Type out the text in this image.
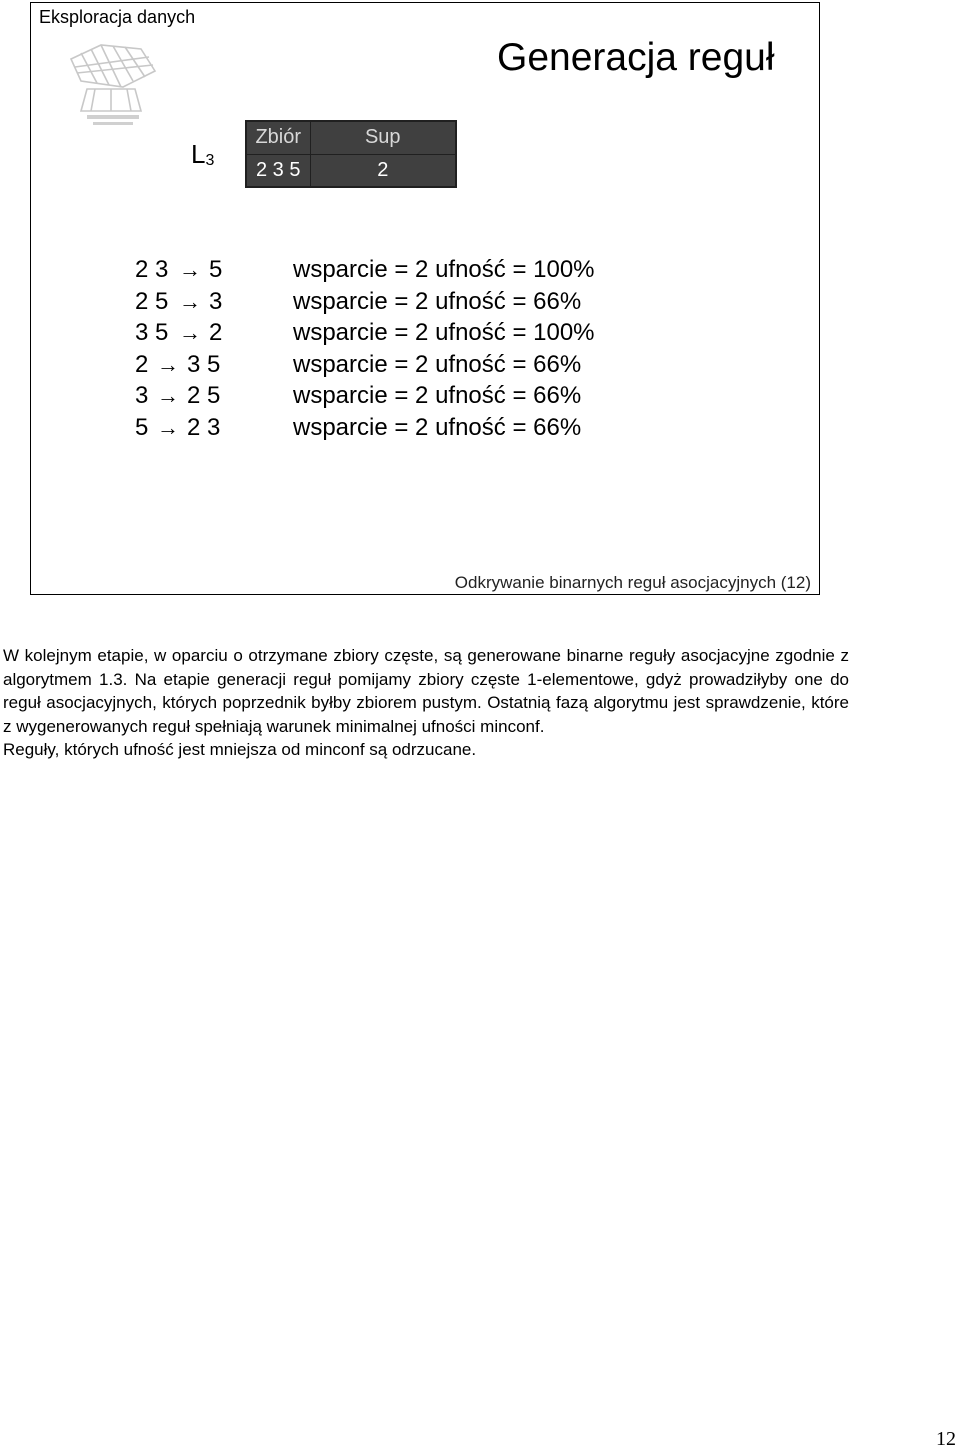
Eksploracja danych
Generacja reguł
$L_3$
Zbiór	Sup
2 3 5	2
2 3 → 5	wsparcie = 2 ufność = 100%
2 5 → 3	wsparcie = 2 ufność = 66%
3 5 → 2	wsparcie = 2 ufność = 100%
2 → 3 5	wsparcie = 2 ufność = 66%
3 → 2 5	wsparcie = 2 ufność = 66%
5 → 2 3	wsparcie = 2 ufność = 66%
Odkrywanie binarnych reguł asocjacyjnych (12)

W kolejnym etapie, w oparciu o otrzymane zbiory częste, są generowane binarne reguły asocjacyjne zgodnie z algorytmem 1.3. Na etapie generacji reguł pomijamy zbiory częste 1-elementowe, gdyż prowadziłyby one do reguł asocjacyjnych, których poprzednik byłby zbiorem pustym. Ostatnią fazą algorytmu jest sprawdzenie, które z wygenerowanych reguł spełniają warunek minimalnej ufności minconf.

Reguły, których ufność jest mniejsza od minconf są odrzucane.

12
